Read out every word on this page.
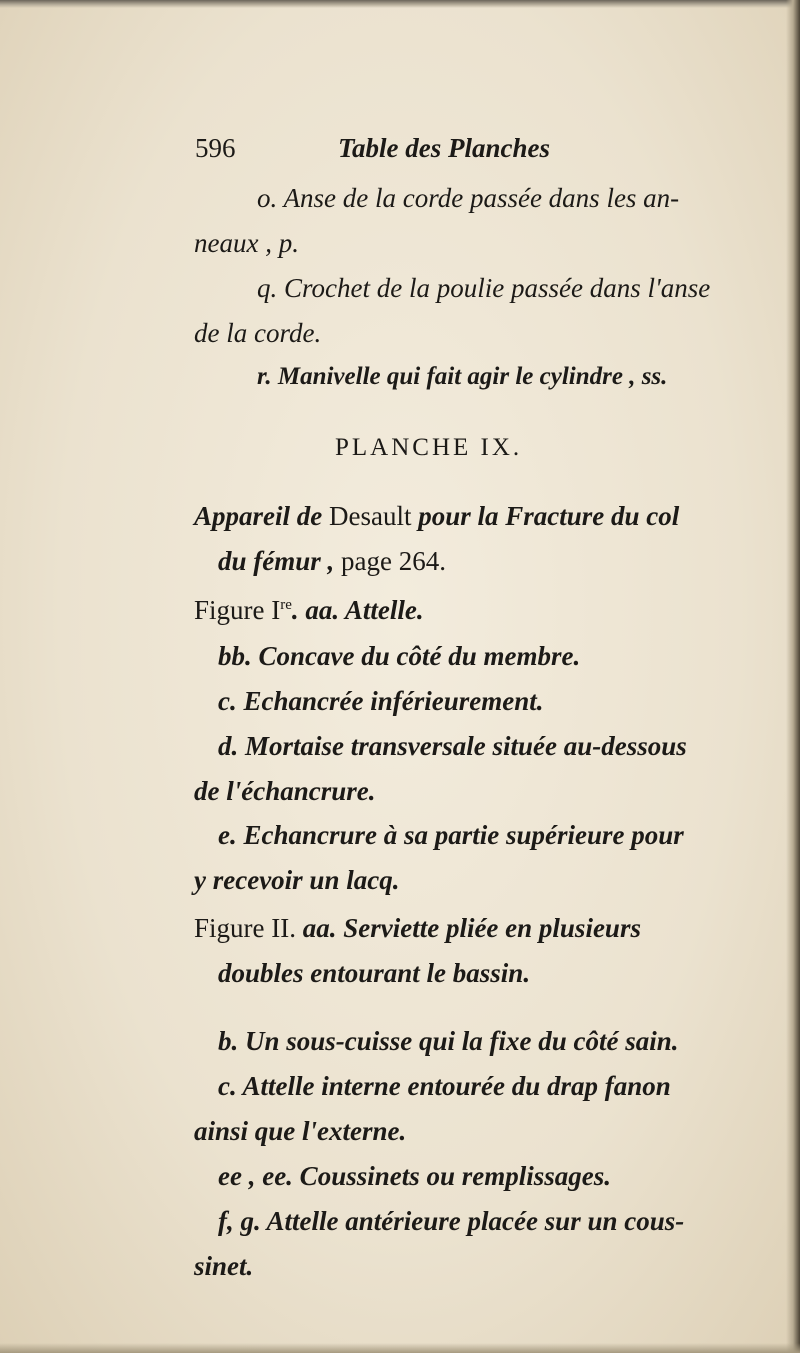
596	Table des Planches
o. Anse de la corde passée dans les an-
neaux , p.
q. Crochet de la poulie passée dans l'anse
de la corde.
r. Manivelle qui fait agir le cylindre , ss.
PLANCHE IX.
Appareil de Desault pour la Fracture du col
du fémur , page 264.
Figure Ire. aa. Attelle.
bb. Concave du côté du membre.
c. Echancrée inférieurement.
d. Mortaise transversale située au-dessous
de l'échancrure.
e. Echancrure à sa partie supérieure pour
y recevoir un lacq.
Figure II. aa. Serviette pliée en plusieurs
doubles entourant le bassin.
b. Un sous-cuisse qui la fixe du côté sain.
c. Attelle interne entourée du drap fanon
ainsi que l'externe.
ee , ee. Coussinets ou remplissages.
f, g. Attelle antérieure placée sur un cous-
sinet.
